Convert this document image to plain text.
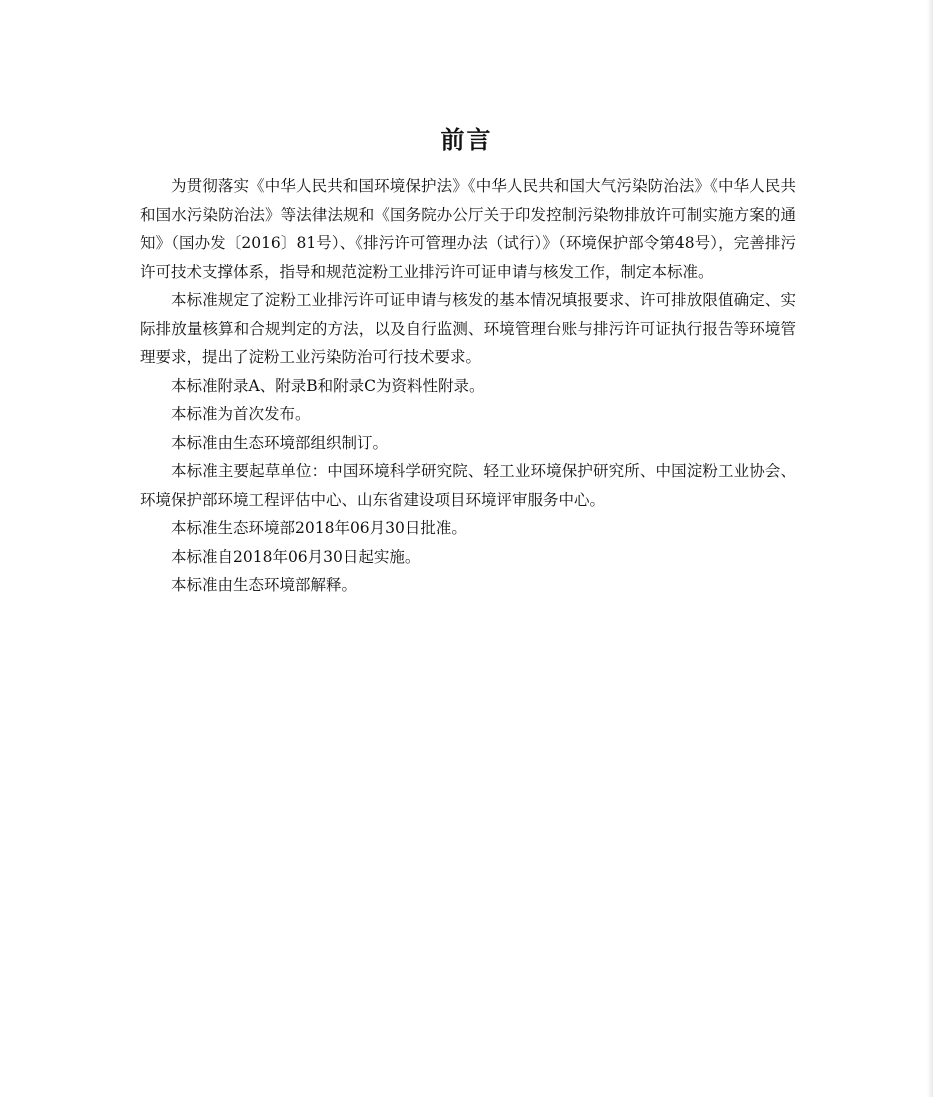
前言

为贯彻落实《中华人民共和国环境保护法》《中华人民共和国大气污染防治法》《中华人民共和国水污染防治法》等法律法规和《国务院办公厅关于印发控制污染物排放许可制实施方案的通知》（国办发〔2016〕81号）、《排污许可管理办法（试行）》（环境保护部令第48号），完善排污许可技术支撑体系，指导和规范淀粉工业排污许可证申请与核发工作，制定本标准。

本标准规定了淀粉工业排污许可证申请与核发的基本情况填报要求、许可排放限值确定、实际排放量核算和合规判定的方法，以及自行监测、环境管理台账与排污许可证执行报告等环境管理要求，提出了淀粉工业污染防治可行技术要求。

本标准附录A、附录B和附录C为资料性附录。

本标准为首次发布。

本标准由生态环境部组织制订。

本标准主要起草单位：中国环境科学研究院、轻工业环境保护研究所、中国淀粉工业协会、环境保护部环境工程评估中心、山东省建设项目环境评审服务中心。

本标准生态环境部2018年06月30日批准。

本标准自2018年06月30日起实施。

本标准由生态环境部解释。
